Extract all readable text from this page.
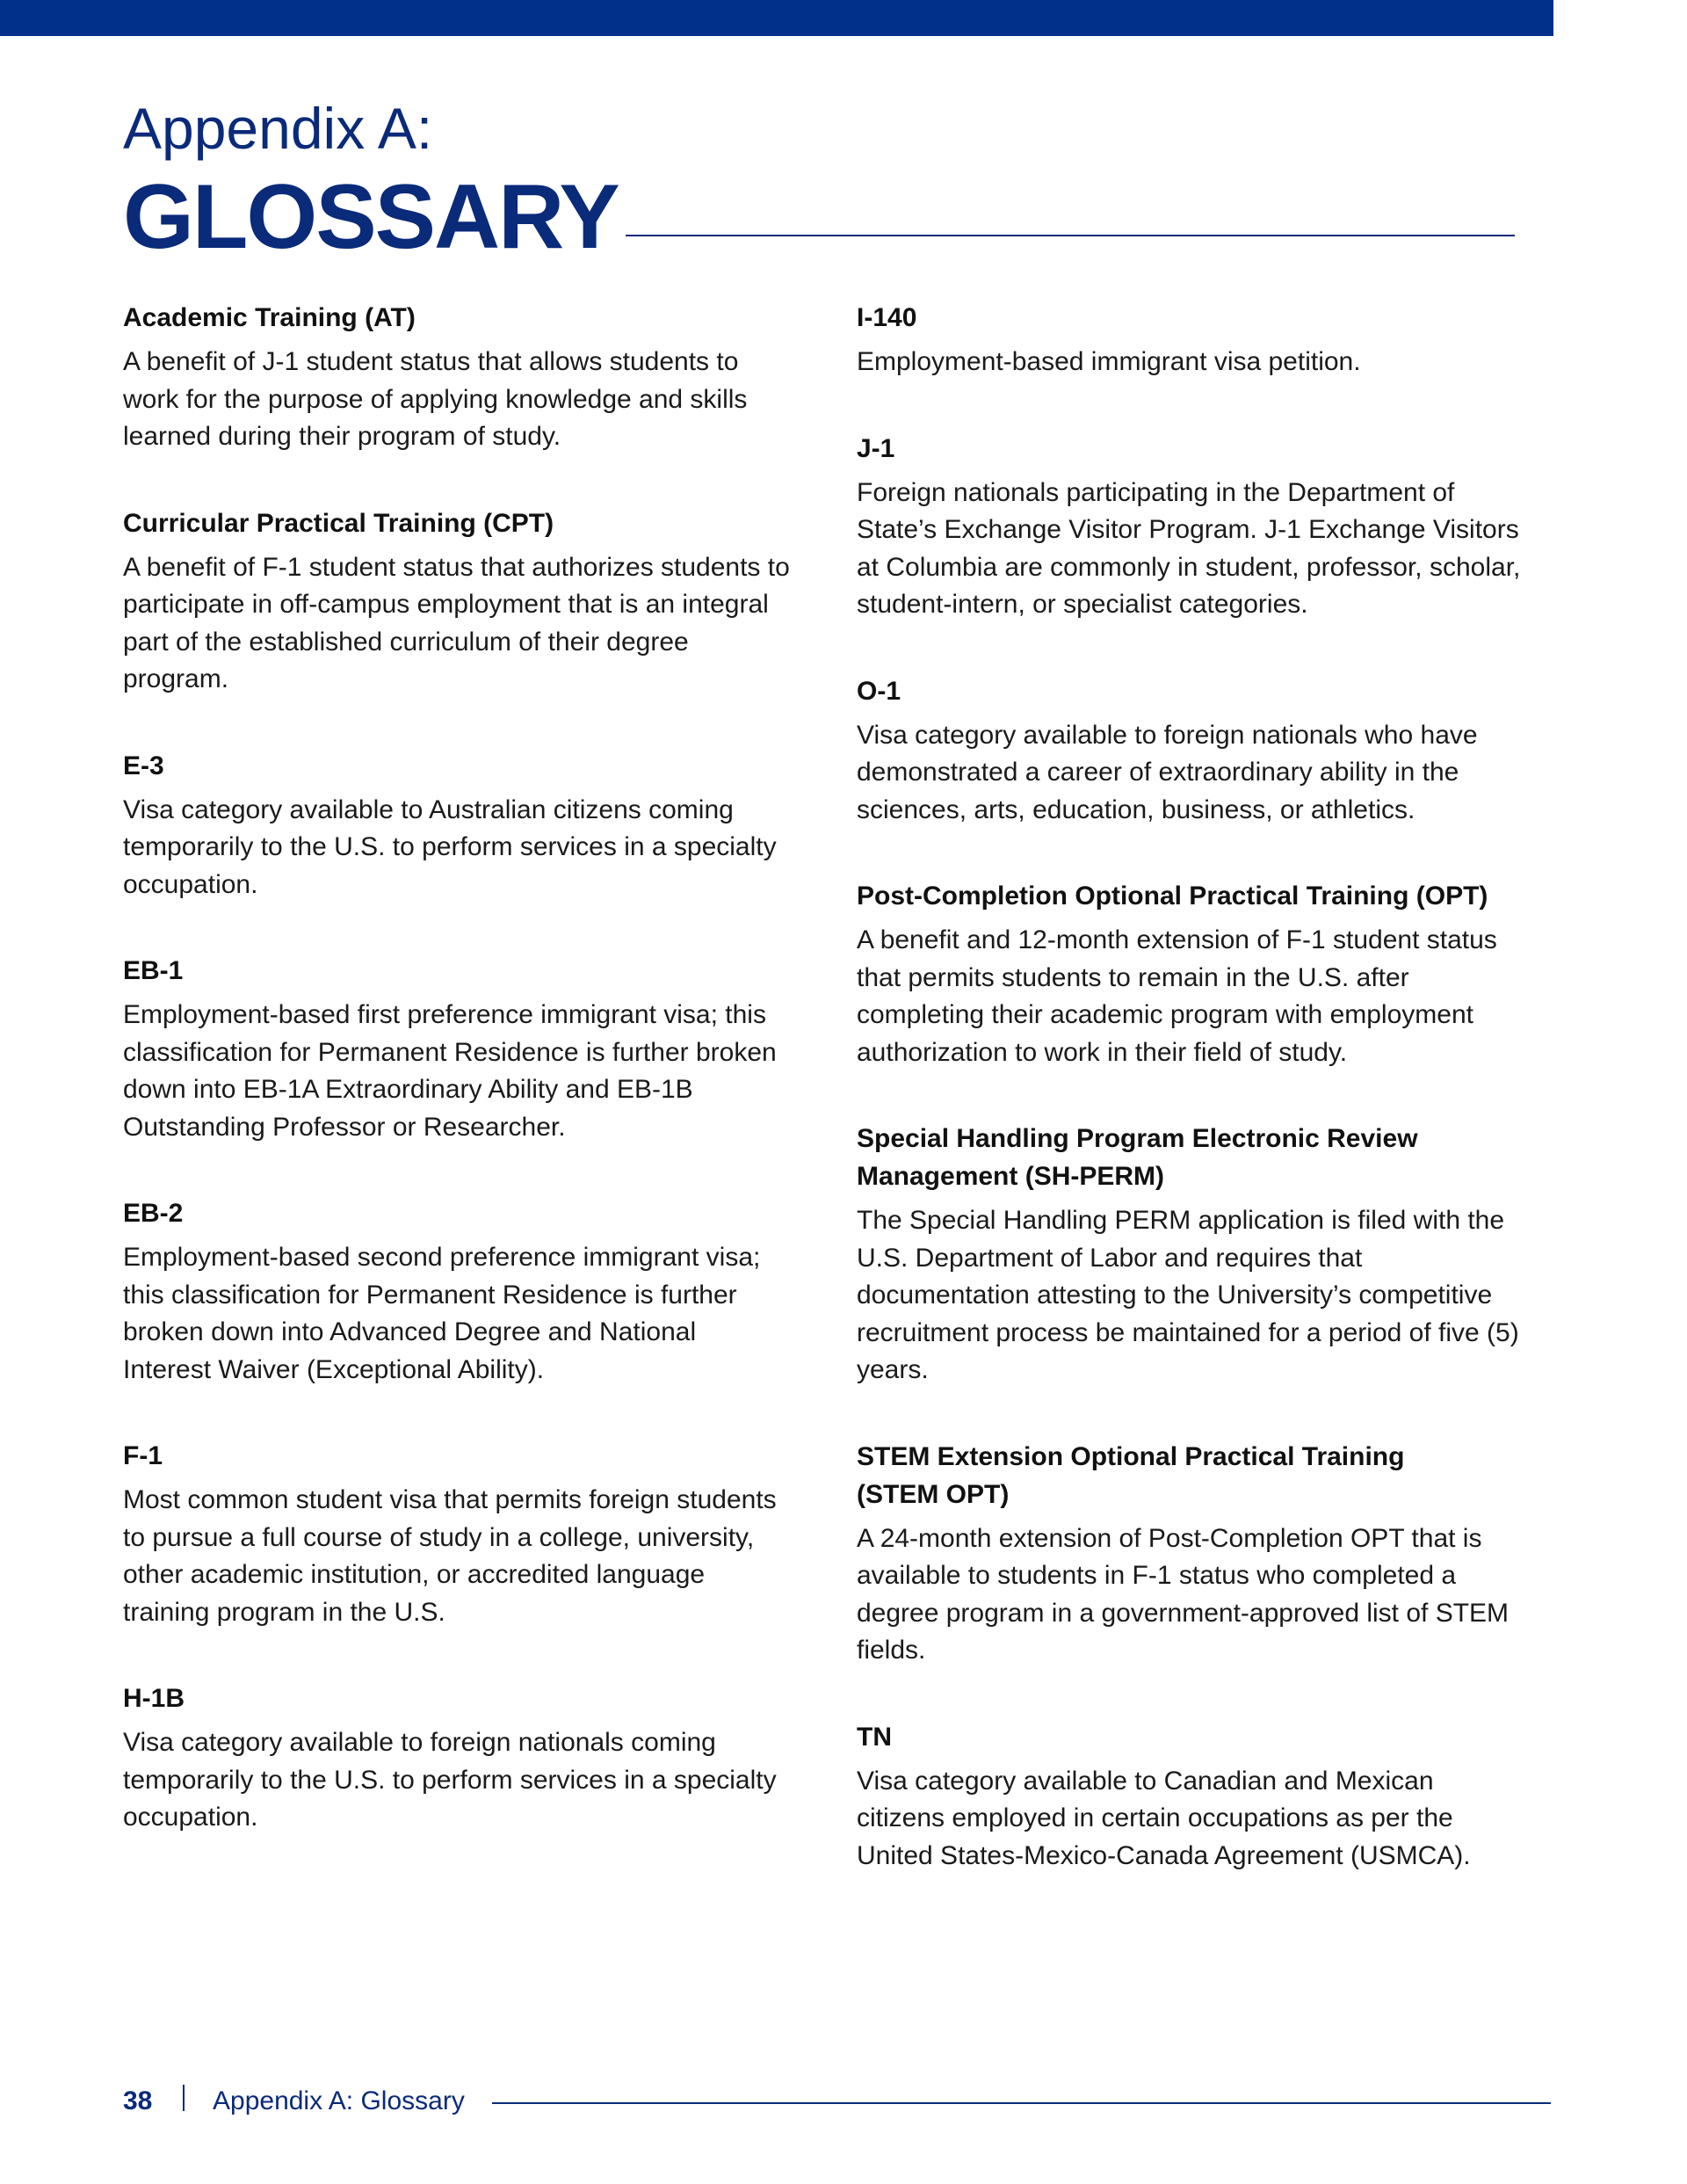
Appendix A:
GLOSSARY
Academic Training (AT)
A benefit of J-1 student status that allows students to work for the purpose of applying knowledge and skills learned during their program of study.
Curricular Practical Training (CPT)
A benefit of F-1 student status that authorizes students to participate in off-campus employment that is an integral part of the established curriculum of their degree program.
E-3
Visa category available to Australian citizens coming temporarily to the U.S. to perform services in a specialty occupation.
EB-1
Employment-based first preference immigrant visa; this classification for Permanent Residence is further broken down into EB-1A Extraordinary Ability and EB-1B Outstanding Professor or Researcher.
EB-2
Employment-based second preference immigrant visa; this classification for Permanent Residence is further broken down into Advanced Degree and National Interest Waiver (Exceptional Ability).
F-1
Most common student visa that permits foreign students to pursue a full course of study in a college, university, other academic institution, or accredited language training program in the U.S.
H-1B
Visa category available to foreign nationals coming temporarily to the U.S. to perform services in a specialty occupation.
I-140
Employment-based immigrant visa petition.
J-1
Foreign nationals participating in the Department of State’s Exchange Visitor Program. J-1 Exchange Visitors at Columbia are commonly in student, professor, scholar, student-intern, or specialist categories.
O-1
Visa category available to foreign nationals who have demonstrated a career of extraordinary ability in the sciences, arts, education, business, or athletics.
Post-Completion Optional Practical Training (OPT)
A benefit and 12-month extension of F-1 student status that permits students to remain in the U.S. after completing their academic program with employment authorization to work in their field of study.
Special Handling Program Electronic Review Management (SH-PERM)
The Special Handling PERM application is filed with the U.S. Department of Labor and requires that documentation attesting to the University’s competitive recruitment process be maintained for a period of five (5) years.
STEM Extension Optional Practical Training (STEM OPT)
A 24-month extension of Post-Completion OPT that is available to students in F-1 status who completed a degree program in a government-approved list of STEM fields.
TN
Visa category available to Canadian and Mexican citizens employed in certain occupations as per the United States-Mexico-Canada Agreement (USMCA).
38 Appendix A: Glossary
